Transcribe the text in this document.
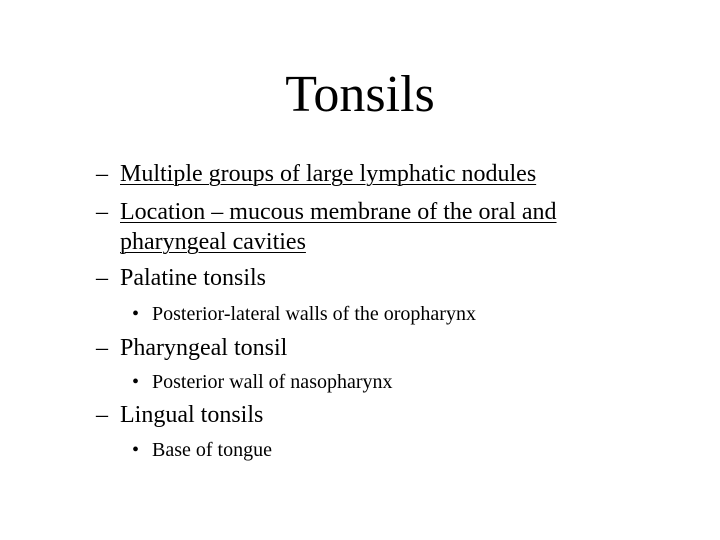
Tonsils
– Multiple groups of large lymphatic nodules
– Location – mucous membrane of the oral and
pharyngeal cavities
– Palatine tonsils
• Posterior-lateral walls of the oropharynx
– Pharyngeal tonsil
• Posterior wall of nasopharynx
– Lingual tonsils
• Base of tongue
